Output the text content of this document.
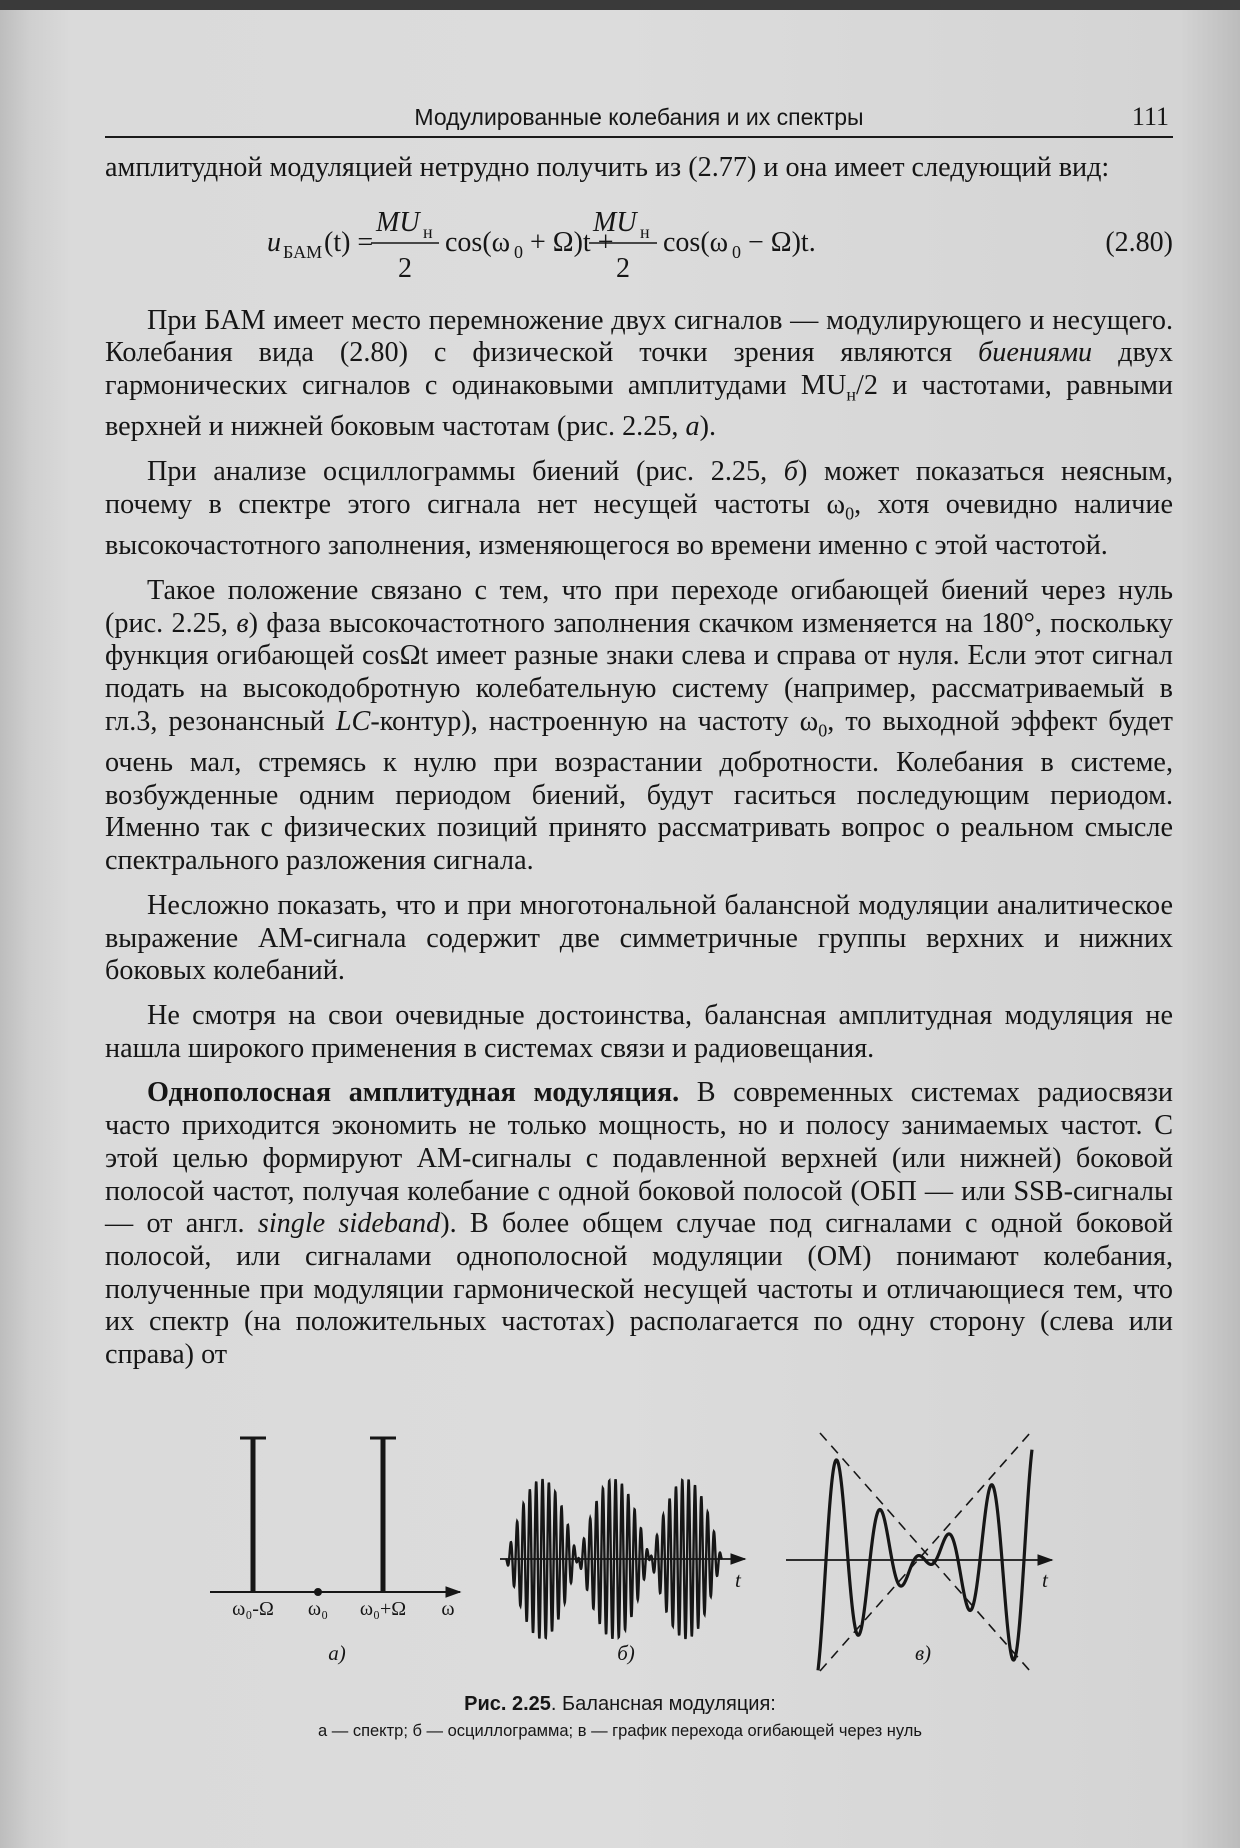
Модулированные колебания и их спектры	111

амплитудной модуляцией нетрудно получить из (2.77) и она имеет следующий вид:

u БАМ (t) =
MU н
2
cos(ω 0 + Ω)t +
MU н
2
cos(ω 0 − Ω)t.	(2.80)

При БАМ имеет место перемножение двух сигналов — модулирующего и несущего. Колебания вида (2.80) с физической точки зрения являются биениями двух гармонических сигналов с одинаковыми амплитудами $MU_н/2$ и частотами, равными верхней и нижней боковым частотам (рис. 2.25, а).

При анализе осциллограммы биений (рис. 2.25, б) может показаться неясным, почему в спектре этого сигнала нет несущей частоты $\omega_0$, хотя очевидно наличие высокочастотного заполнения, изменяющегося во времени именно с этой частотой.

Такое положение связано с тем, что при переходе огибающей биений через нуль (рис. 2.25, в) фаза высокочастотного заполнения скачком изменяется на 180°, поскольку функция огибающей cosΩt имеет разные знаки слева и справа от нуля. Если этот сигнал подать на высокодобротную колебательную систему (например, рассматриваемый в гл.3, резонансный LC-контур), настроенную на частоту $\omega_0$, то выходной эффект будет очень мал, стремясь к нулю при возрастании добротности. Колебания в системе, возбужденные одним периодом биений, будут гаситься последующим периодом. Именно так с физических позиций принято рассматривать вопрос о реальном смысле спектрального разложения сигнала.

Несложно показать, что и при многотональной балансной модуляции аналитическое выражение АМ-сигнала содержит две симметричные группы верхних и нижних боковых колебаний.

Не смотря на свои очевидные достоинства, балансная амплитудная модуляция не нашла широкого применения в системах связи и радиовещания.

Однополосная амплитудная модуляция. В современных системах радиосвязи часто приходится экономить не только мощность, но и полосу занимаемых частот. С этой целью формируют АМ-сигналы с подавленной верхней (или нижней) боковой полосой частот, получая колебание с одной боковой полосой (ОБП — или SSB-сигналы — от англ. single sideband). В более общем случае под сигналами с одной боковой полосой, или сигналами однополосной модуляции (ОМ) понимают колебания, полученные при модуляции гармонической несущей частоты и отличающиеся тем, что их спектр (на положительных частотах) располагается по одну сторону (слева или справа) от

ω₀-Ω ω₀ ω₀+Ω ω
а)
t
б)
t
в)
Рис. 2.25. Балансная модуляция:
а — спектр; б — осциллограмма; в — график перехода огибающей через нуль
